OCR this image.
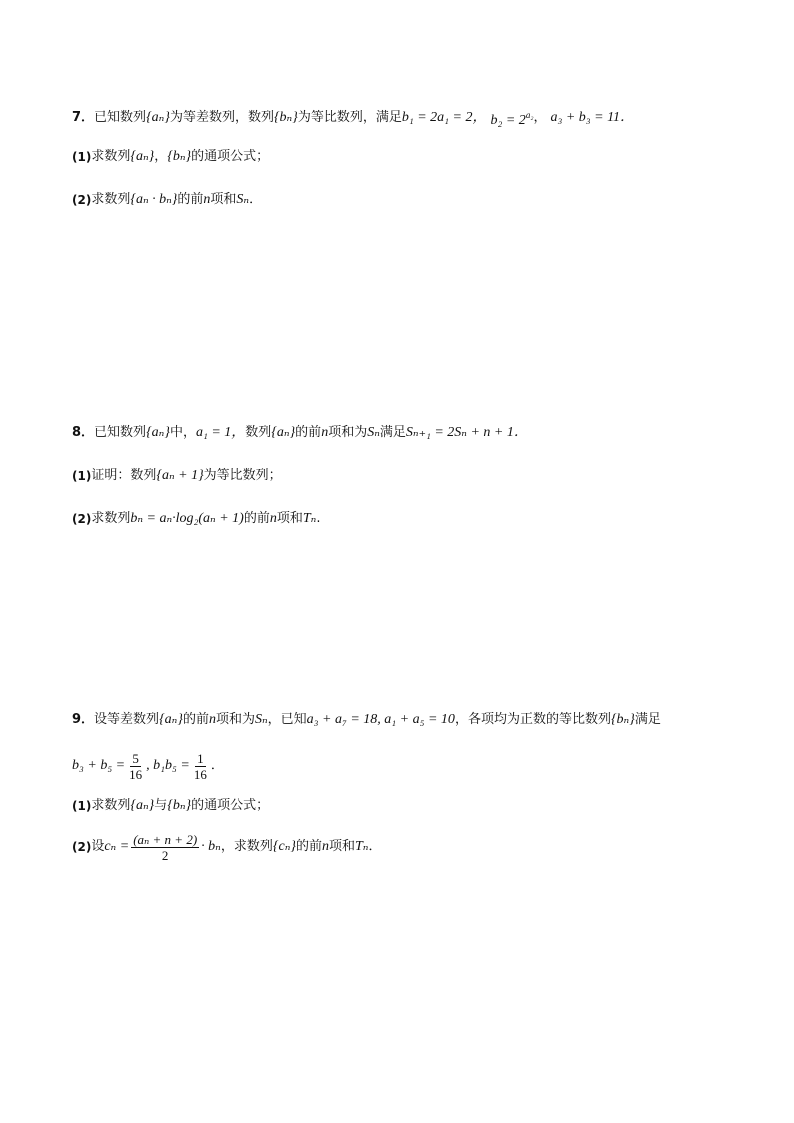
7． 已知数列 {aₙ} 为等差数列，数列 {bₙ} 为等比数列，满足 b₁ = 2a₁ = 2， $b_2 = 2^{a_2}$ ， a₃ + b₃ = 11．
(1) 求数列 {aₙ} ， {bₙ} 的通项公式；
(2) 求数列 {aₙ · bₙ} 的前 n 项和 Sₙ ．
8． 已知数列 {aₙ} 中， a₁ = 1， 数列 {aₙ} 的前 n 项和为 Sₙ 满足 Sₙ₊₁ = 2Sₙ + n + 1．
(1) 证明：数列 {aₙ + 1} 为等比数列；
(2) 求数列 bₙ = aₙ·log₂(aₙ + 1) 的前 n 项和 Tₙ .
9． 设等差数列 {aₙ} 的前 n 项和为 Sₙ ，已知 a₃ + a₇ = 18, a₁ + a₅ = 10 ，各项均为正数的等比数列 {bₙ} 满足
$b_3 + b_5 = \frac{5}{16}$ , $b_1b_5 = \frac{1}{16}$ ．
(1) 求数列 {aₙ} 与 {bₙ} 的通项公式；
(2) 设 $c_n = \frac{\text{(aₙ + n + 2)}}{2} \cdot b_n$ ，求数列 {cₙ} 的前 n 项和 Tₙ ．
